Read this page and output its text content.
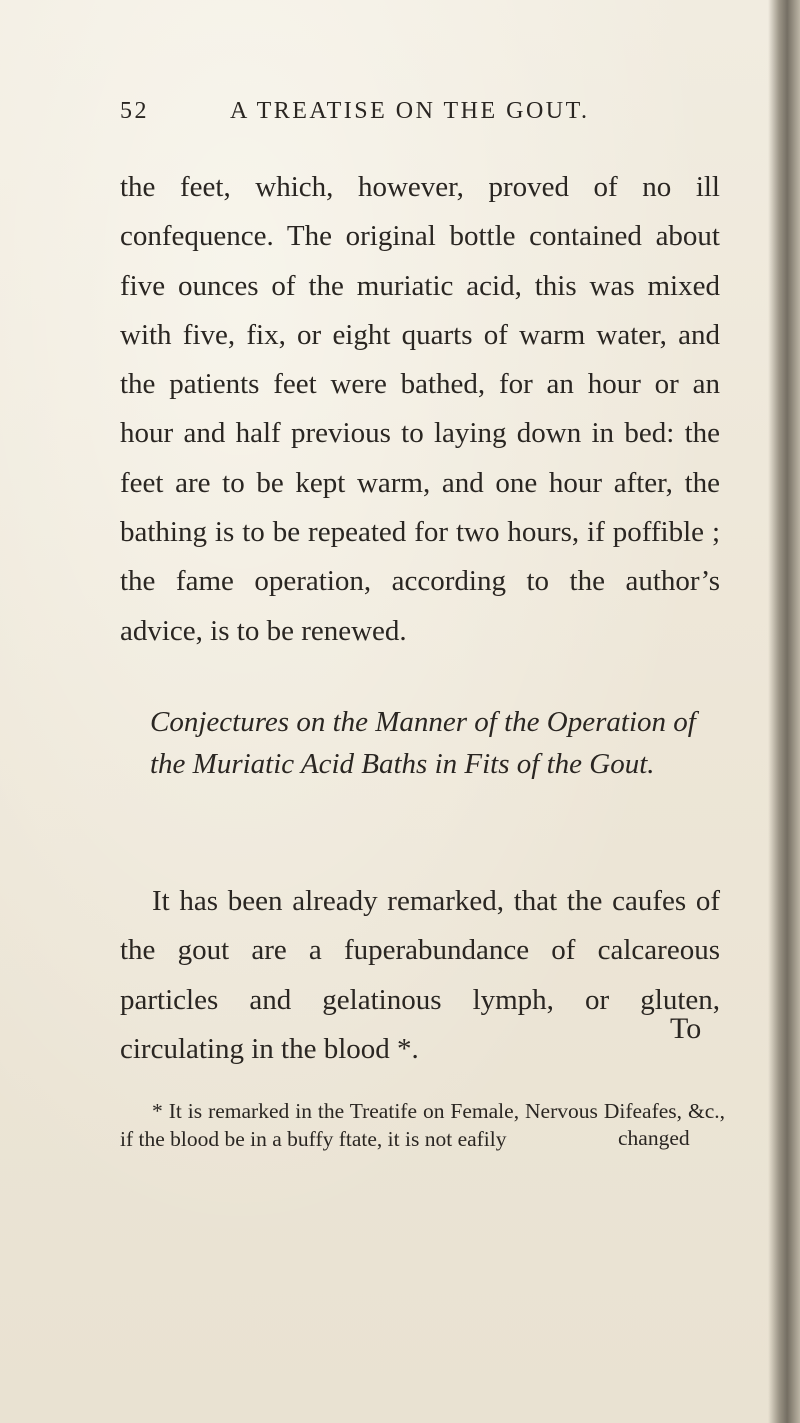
52	A TREATISE ON THE GOUT.

the feet, which, however, proved of no ill confequence. The original bottle contained about five ounces of the muriatic acid, this was mixed with five, fix, or eight quarts of warm water, and the patients feet were bathed, for an hour or an hour and half previous to laying down in bed: the feet are to be kept warm, and one hour after, the bathing is to be repeated for two hours, if poffible ; the fame operation, according to the author’s advice, is to be renewed.

Conjectures on the Manner of the Operation of the Muriatic Acid Baths in Fits of the Gout.

It has been already remarked, that the caufes of the gout are a fuperabundance of calcareous particles and gelatinous lymph, or gluten, circulating in the blood *.

To

* It is remarked in the Treatife on Female, Nervous Difeafes, &c., if the blood be in a buffy ftate, it is not eafily	changed
